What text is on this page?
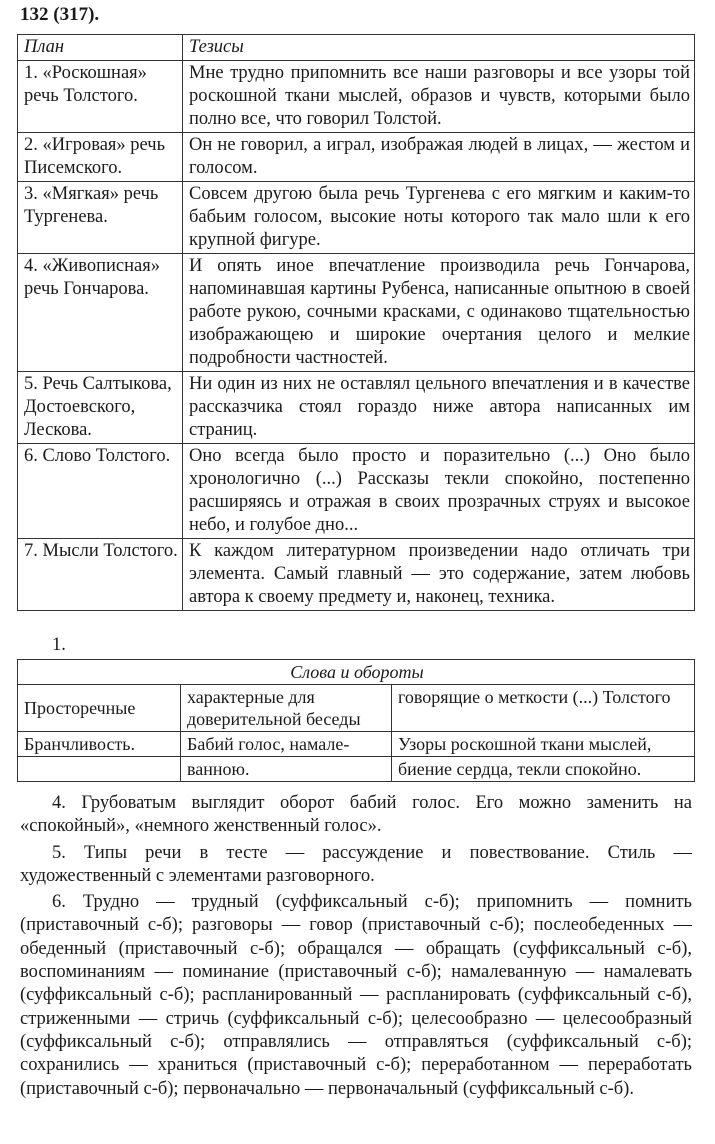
132 (317).
План	Тезисы
1. «Роскошная» речь Толстого.	Мне трудно припомнить все наши разговоры и все узоры той роскошной ткани мыслей, образов и чувств, которыми было полно все, что говорил Толстой.
2. «Игровая» речь Писемского.	Он не говорил, а играл, изображая людей в лицах, — жестом и голосом.
3. «Мягкая» речь Тургенева.	Совсем другою была речь Тургенева с его мягким и каким-то бабьим голосом, высокие ноты которого так мало шли к его крупной фигуре.
4. «Живописная» речь Гончарова.	И опять иное впечатление производила речь Гончарова, напоминавшая картины Рубенса, написанные опытною в своей работе рукою, сочными красками, с одинаково тщательностью изображающею и широкие очертания целого и мелкие подробности частностей.
5. Речь Салтыкова, Достоевского, Лескова.	Ни один из них не оставлял цельного впечатления и в качестве рассказчика стоял гораздо ниже автора написанных им страниц.
6. Слово Толстого.	Оно всегда было просто и поразительно (...) Оно было хронологично (...) Рассказы текли спокойно, постепенно расширяясь и отражая в своих прозрачных струях и высокое небо, и голубое дно...
7. Мысли Толстого.	К каждом литературном произведении надо отличать три элемента. Самый главный — это содержание, затем любовь автора к своему предмету и, наконец, техника.
1.
Слова и обороты		
Просторечные	характерные для доверительной беседы	говорящие о меткости (...) Толстого
Бранчливость.	Бабий голос, намале-	Узоры роскошной ткани мыслей,
	ванною.	биение сердца, текли спокойно.

4. Грубоватым выглядит оборот бабий голос. Его можно заменить на «спокойный», «немного женственный голос».

5. Типы речи в тесте — рассуждение и повествование. Стиль — художественный с элементами разговорного.

6. Трудно — трудный (суффиксальный с-б); припомнить — помнить (приставочный с-б); разговоры — говор (приставочный с-б); послеобеденных — обеденный (приставочный с-б); обращался — обращать (суффиксальный с-б), воспоминаниям — поминание (приставочный с-б); намалеванную — намалевать (суффиксальный с-б); распланированный — распланировать (суффиксальный с-б), стриженными — стричь (суффиксальный с-б); целесообразно — целесообразный (суффиксальный с-б); отправлялись — отправляться (суффиксальный с-б); сохранились — храниться (приставочный с-б); переработанном — переработать (приставочный с-б); первоначально — первоначальный (суффиксальный с-б).
